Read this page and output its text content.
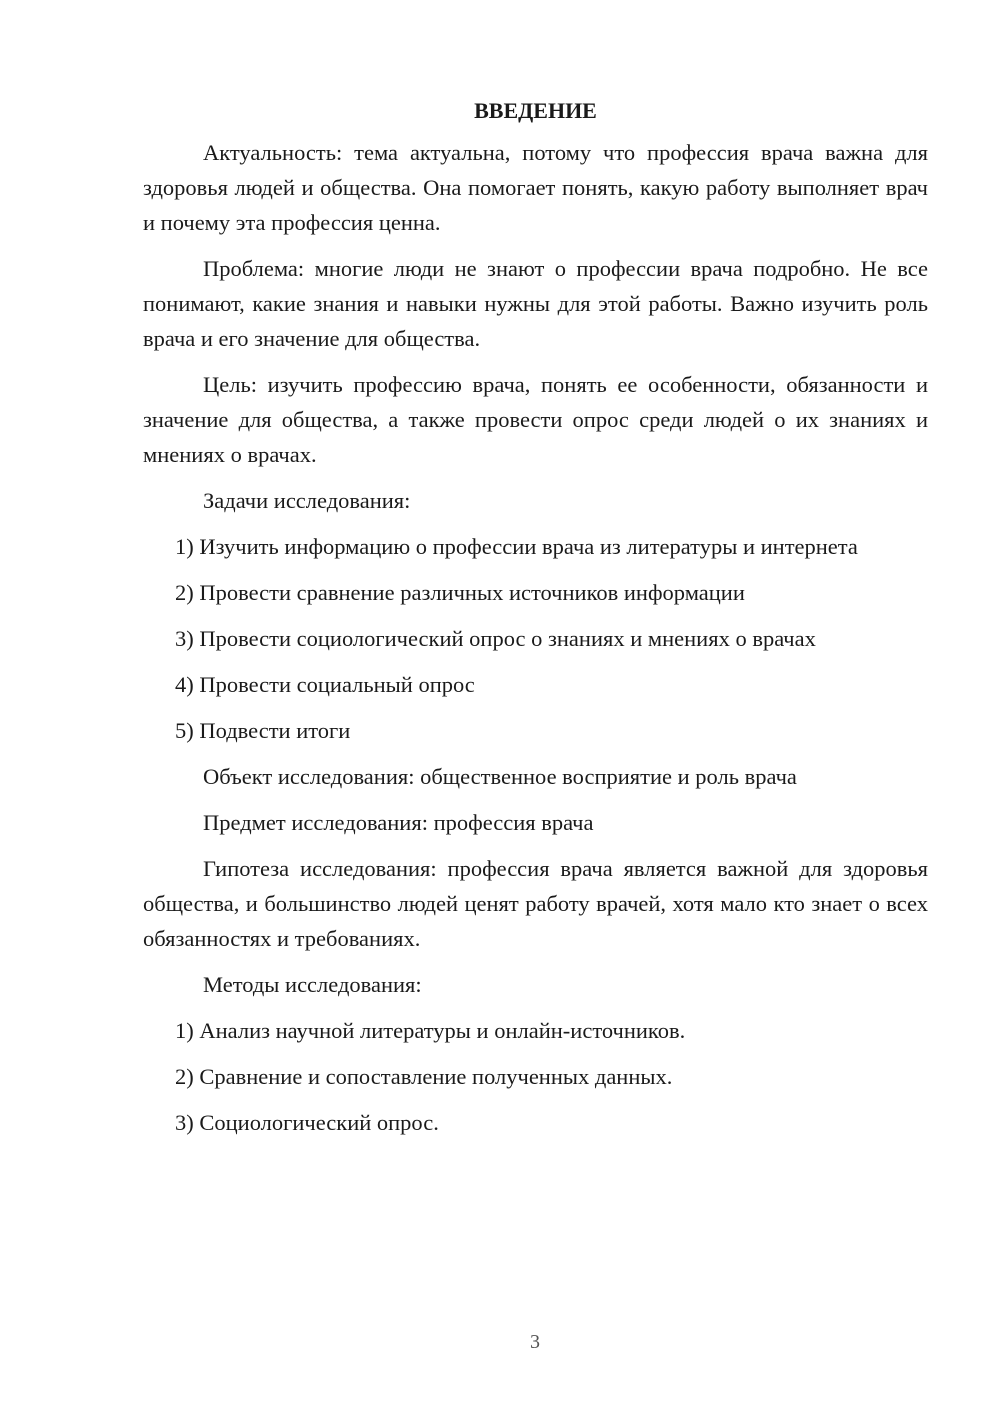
ВВЕДЕНИЕ

Актуальность: тема актуальна, потому что профессия врача важна для здоровья людей и общества. Она помогает понять, какую работу выполняет врач и почему эта профессия ценна.

Проблема: многие люди не знают о профессии врача подробно. Не все понимают, какие знания и навыки нужны для этой работы. Важно изучить роль врача и его значение для общества.

Цель: изучить профессию врача, понять ее особенности, обязанности и значение для общества, а также провести опрос среди людей о их знаниях и мнениях о врачах.

Задачи исследования:

1) Изучить информацию о профессии врача из литературы и интернета

2) Провести сравнение различных источников информации

3) Провести социологический опрос о знаниях и мнениях о врачах

4) Провести социальный опрос

5) Подвести итоги

Объект исследования: общественное восприятие и роль врача

Предмет исследования: профессия врача

Гипотеза исследования: профессия врача является важной для здоровья общества, и большинство людей ценят работу врачей, хотя мало кто знает о всех обязанностях и требованиях.

Методы исследования:

1) Анализ научной литературы и онлайн-источников.

2) Сравнение и сопоставление полученных данных.

3) Социологический опрос.

3
